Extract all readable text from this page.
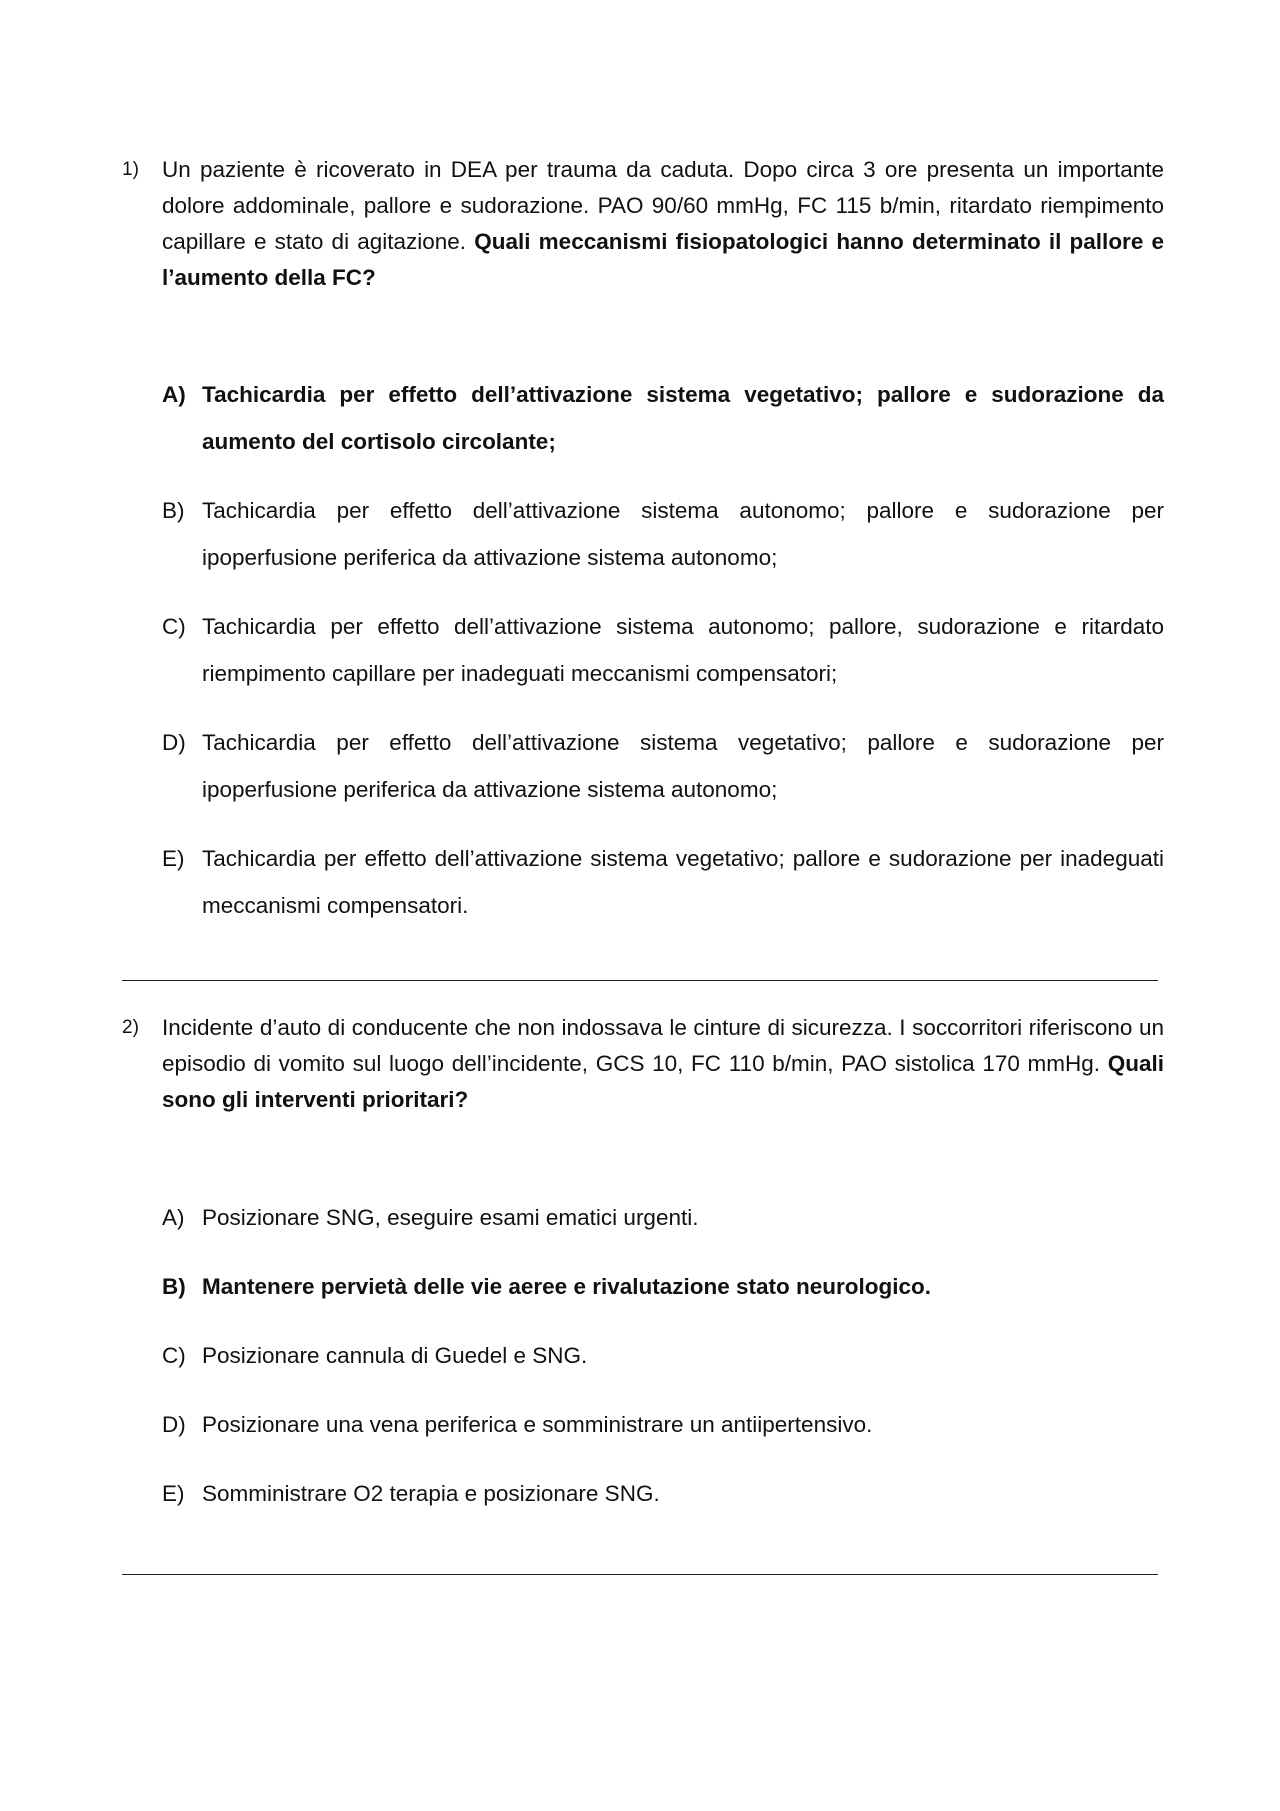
1)	Un paziente è ricoverato in DEA per trauma da caduta. Dopo circa 3 ore presenta un importante dolore addominale, pallore e sudorazione. PAO 90/60 mmHg, FC 115 b/min, ritardato riempimento capillare e stato di agitazione. Quali meccanismi fisiopatologici hanno determinato il pallore e l’aumento della FC?
A) Tachicardia per effetto dell’attivazione sistema vegetativo; pallore e sudorazione da aumento del cortisolo circolante;
B) Tachicardia per effetto dell’attivazione sistema autonomo; pallore e sudorazione per ipoperfusione periferica da attivazione sistema autonomo;
C) Tachicardia per effetto dell’attivazione sistema autonomo; pallore, sudorazione e ritardato riempimento capillare per inadeguati meccanismi compensatori;
D) Tachicardia per effetto dell’attivazione sistema vegetativo; pallore e sudorazione per ipoperfusione periferica da attivazione sistema autonomo;
E) Tachicardia per effetto dell’attivazione sistema vegetativo; pallore e sudorazione per inadeguati meccanismi compensatori.
2)	Incidente d’auto di conducente che non indossava le cinture di sicurezza. I soccorritori riferiscono un episodio di vomito sul luogo dell’incidente, GCS 10, FC 110 b/min, PAO sistolica 170 mmHg. Quali sono gli interventi prioritari?
A) Posizionare SNG, eseguire esami ematici urgenti.
B) Mantenere pervietà delle vie aeree e rivalutazione stato neurologico.
C) Posizionare cannula di Guedel e SNG.
D) Posizionare una vena periferica e somministrare un antiipertensivo.
E) Somministrare O2 terapia e posizionare SNG.
